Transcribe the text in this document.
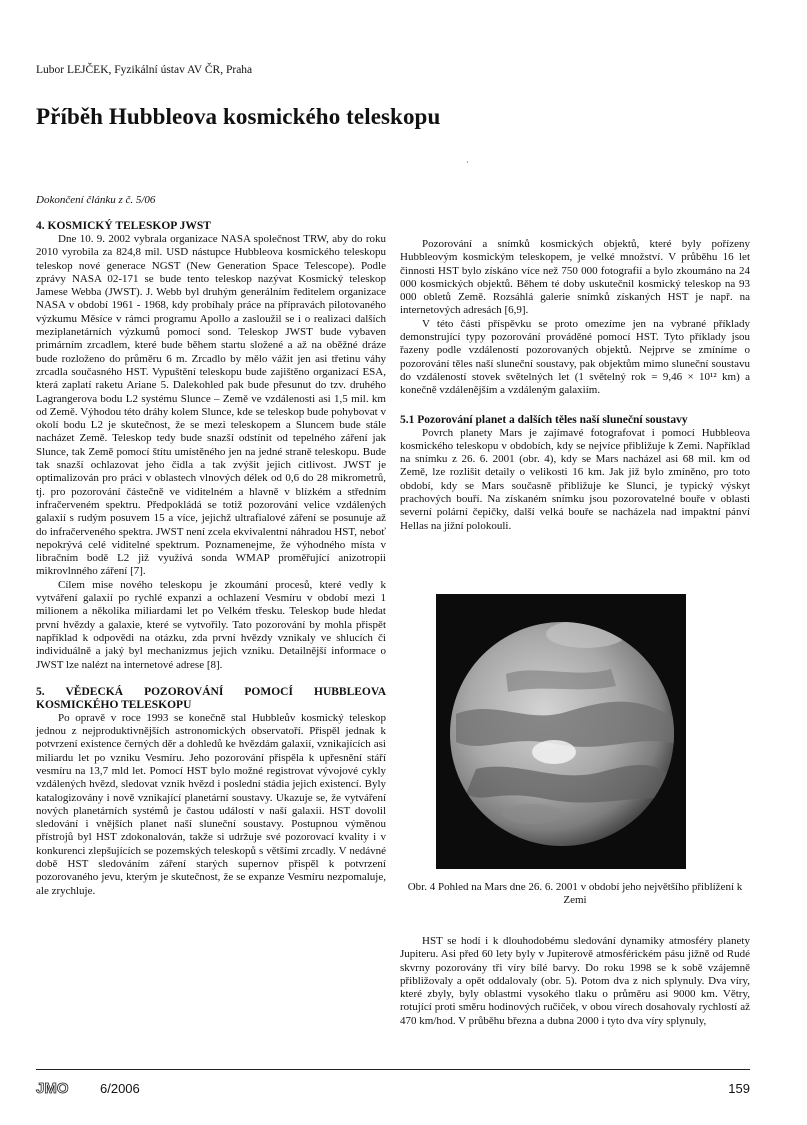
Lubor LEJČEK, Fyzikální ústav AV ČR, Praha
Příběh Hubbleova kosmického teleskopu
·
Dokončení článku z č. 5/06
4. KOSMICKÝ TELESKOP JWST

Dne 10. 9. 2002 vybrala organizace NASA společnost TRW, aby do roku 2010 vyrobila za 824,8 mil. USD nástupce Hubbleova kosmického teleskopu teleskop nové generace NGST (New Generation Space Telescope). Podle zprávy NASA 02-171 se bude tento teleskop nazývat Kosmický teleskop Jamese Webba (JWST). J. Webb byl druhým generálním ředitelem organizace NASA v období 1961 - 1968, kdy probíhaly práce na přípravách pilotovaného výzkumu Měsíce v rámci programu Apollo a zasloužil se i o realizaci dalších meziplanetárních výzkumů pomocí sond. Teleskop JWST bude vybaven primárním zrcadlem, které bude během startu složené a až na oběžné dráze bude rozloženo do průměru 6 m. Zrcadlo by mělo vážit jen asi třetinu váhy zrcadla současného HST. Vypuštění teleskopu bude zajištěno organizací ESA, která zaplatí raketu Ariane 5. Dalekohled pak bude přesunut do tzv. druhého Lagrangerova bodu L2 systému Slunce – Země ve vzdálenosti asi 1,5 mil. km od Země. Výhodou této dráhy kolem Slunce, kde se teleskop bude pohybovat v okolí bodu L2 je skutečnost, že se mezi teleskopem a Sluncem bude stále nacházet Země. Teleskop tedy bude snazší odstínit od tepelného záření jak Slunce, tak Země pomocí štítu umístěného jen na jedné straně teleskopu. Bude tak snazší ochlazovat jeho čidla a tak zvýšit jejich citlivost. JWST je optimalizován pro práci v oblastech vlnových délek od 0,6 do 28 mikrometrů, tj. pro pozorování částečně ve viditelném a hlavně v blízkém a středním infračerveném spektru. Předpokládá se totiž pozorování velice vzdálených galaxií s rudým posuvem 15 a více, jejichž ultrafialové záření se posunuje až do infračerveného spektra. JWST není zcela ekvivalentní náhradou HST, neboť nepokrývá celé viditelné spektrum. Poznamenejme, že výhodného místa v libračním bodě L2 již využívá sonda WMAP proměřující anizotropii mikrovlnného záření [7].

Cílem mise nového teleskopu je zkoumání procesů, které vedly k vytváření galaxií po rychlé expanzi a ochlazení Vesmíru v období mezi 1 milionem a několika miliardami let po Velkém třesku. Teleskop bude hledat první hvězdy a galaxie, které se vytvořily. Tato pozorování by mohla přispět například k odpovědi na otázku, zda první hvězdy vznikaly ve shlucích či individuálně a jaký byl mechanizmus jejich vzniku. Detailnější informace o JWST lze nalézt na internetové adrese [8].

5. VĚDECKÁ POZOROVÁNÍ POMOCÍ HUBBLEOVA KOSMICKÉHO TELESKOPU

Po opravě v roce 1993 se konečně stal Hubbleův kosmický teleskop jednou z nejproduktivnějších astronomických observatoří. Přispěl jednak k potvrzení existence černých děr a dohledů ke hvězdám galaxií, vznikajících asi miliardu let po vzniku Vesmíru. Jeho pozorování přispěla k upřesnění stáří vesmíru na 13,7 mld let. Pomocí HST bylo možné registrovat vývojové cykly vzdálených hvězd, sledovat vznik hvězd i poslední stádia jejich existencí. Byly katalogizovány i nově vznikající planetární soustavy. Ukazuje se, že vytváření nových planetárních systémů je častou událostí v naší galaxii. HST dovolil sledování i vnějších planet naší sluneční soustavy. Postupnou výměnou přístrojů byl HST zdokonalován, takže si udržuje své pozorovací kvality i v konkurenci zlepšujících se pozemských teleskopů s většími zrcadly. V nedávné době HST sledováním záření starých supernov přispěl k potvrzení pozorovaného jevu, kterým je skutečnost, že se expanze Vesmíru nezpomaluje, ale zrychluje.

Pozorování a snímků kosmických objektů, které byly pořízeny Hubbleovým kosmickým teleskopem, je velké množství. V průběhu 16 let činnosti HST bylo získáno více než 750 000 fotografií a bylo zkoumáno na 24 000 kosmických objektů. Během té doby uskutečnil kosmický teleskop na 93 000 obletů Země. Rozsáhlá galerie snímků získaných HST je např. na internetových adresách [6,9].

V této části příspěvku se proto omezíme jen na vybrané příklady demonstrující typy pozorování prováděné pomocí HST. Tyto příklady jsou řazeny podle vzdáleností pozorovaných objektů. Nejprve se zmíníme o pozorování těles naší sluneční soustavy, pak objektům mimo sluneční soustavu do vzdáleností stovek světelných let (1 světelný rok = 9,46 × 10¹² km) a konečně vzdálenějším a vzdáleným galaxiím.

5.1 Pozorování planet a dalších těles naší sluneční soustavy

Povrch planety Mars je zajímavé fotografovat i pomocí Hubbleova kosmického teleskopu v obdobích, kdy se nejvíce přibližuje k Zemi. Například na snímku z 26. 6. 2001 (obr. 4), kdy se Mars nacházel asi 68 mil. km od Země, lze rozlišit detaily o velikosti 16 km. Jak již bylo zmíněno, pro toto období, kdy se Mars současně přibližuje ke Slunci, je typický výskyt prachových bouří. Na získaném snímku jsou pozorovatelné bouře v oblasti severní polární čepičky, další velká bouře se nacházela nad impaktní pánví Hellas na jižní polokouli.

Obr. 4 Pohled na Mars dne 26. 6. 2001 v období jeho největšího přiblížení k Zemi

HST se hodí i k dlouhodobému sledování dynamiky atmosféry planety Jupiteru. Asi před 60 lety byly v Jupiterově atmosférickém pásu jižně od Rudé skvrny pozorovány tři víry bílé barvy. Do roku 1998 se k sobě vzájemně přibližovaly a opět oddalovaly (obr. 5). Potom dva z nich splynuly. Dva víry, které zbyly, byly oblastmi vysokého tlaku o průměru asi 9000 km. Větry, rotující proti směru hodinových ručiček, v obou vírech dosahovaly rychlostí až 470 km/hod. V průběhu března a dubna 2000 i tyto dva víry splynuly,

JMO 6/2006	159
